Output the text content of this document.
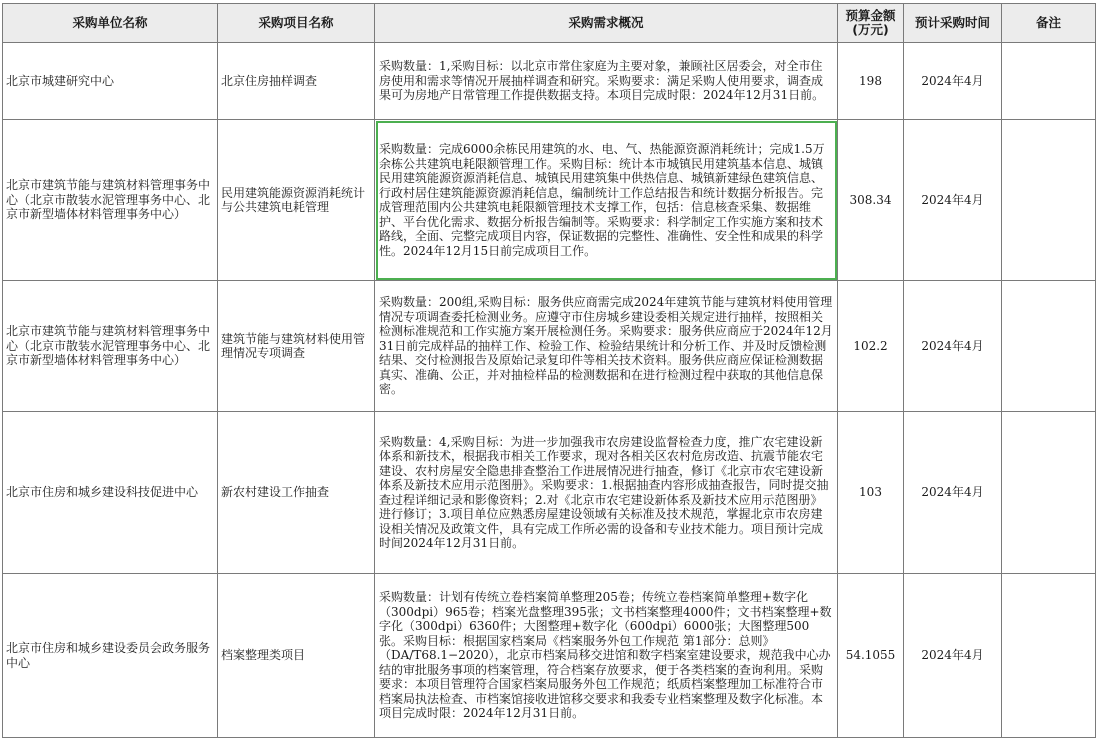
采购单位名称	采购项目名称	采购需求概况	预算金额(万元)	预计采购时间	备注
北京市城建研究中心	北京住房抽样调查	采购数量：1,采购目标：以北京市常住家庭为主要对象，兼顾社区居委会，对全市住房使用和需求等情况开展抽样调查和研究。采购要求：满足采购人使用要求，调查成果可为房地产日常管理工作提供数据支持。本项目完成时限：2024年12月31日前。	198	2024年4月	
北京市建筑节能与建筑材料管理事务中心（北京市散装水泥管理事务中心、北京市新型墙体材料管理事务中心）	民用建筑能源资源消耗统计与公共建筑电耗管理	采购数量：完成6000余栋民用建筑的水、电、气、热能源资源消耗统计；完成1.5万余栋公共建筑电耗限额管理工作。采购目标：统计本市城镇民用建筑基本信息、城镇民用建筑能源资源消耗信息、城镇民用建筑集中供热信息、城镇新建绿色建筑信息、行政村居住建筑能源资源消耗信息，编制统计工作总结报告和统计数据分析报告。完成管理范围内公共建筑电耗限额管理技术支撑工作，包括：信息核查采集、数据维护、平台优化需求、数据分析报告编制等。采购要求：科学制定工作实施方案和技术路线，全面、完整完成项目内容，保证数据的完整性、准确性、安全性和成果的科学性。2024年12月15日前完成项目工作。	308.34	2024年4月	
北京市建筑节能与建筑材料管理事务中心（北京市散装水泥管理事务中心、北京市新型墙体材料管理事务中心）	建筑节能与建筑材料使用管理情况专项调查	采购数量：200组,采购目标：服务供应商需完成2024年建筑节能与建筑材料使用管理情况专项调查委托检测业务。应遵守市住房城乡建设委相关规定进行抽样，按照相关检测标准规范和工作实施方案开展检测任务。采购要求：服务供应商应于2024年12月31日前完成样品的抽样工作、检验工作、检验结果统计和分析工作、并及时反馈检测结果、交付检测报告及原始记录复印件等相关技术资料。服务供应商应保证检测数据真实、准确、公正，并对抽检样品的检测数据和在进行检测过程中获取的其他信息保密。	102.2	2024年4月	
北京市住房和城乡建设科技促进中心	新农村建设工作抽查	采购数量：4,采购目标：为进一步加强我市农房建设监督检查力度，推广农宅建设新体系和新技术，根据我市相关工作要求，现对各相关区农村危房改造、抗震节能农宅建设、农村房屋安全隐患排查整治工作进展情况进行抽查，修订《北京市农宅建设新体系及新技术应用示范图册》。采购要求：1.根据抽查内容形成抽查报告，同时提交抽查过程详细记录和影像资料；2.对《北京市农宅建设新体系及新技术应用示范图册》进行修订；3.项目单位应熟悉房屋建设领域有关标准及技术规范，掌握北京市农房建设相关情况及政策文件，具有完成工作所必需的设备和专业技术能力。项目预计完成时间2024年12月31日前。	103	2024年4月	
北京市住房和城乡建设委员会政务服务中心	档案整理类项目	采购数量：计划有传统立卷档案简单整理205卷；传统立卷档案简单整理+数字化（300dpi）965卷；档案光盘整理395张；文书档案整理4000件；文书档案整理+数字化（300dpi）6360件；大图整理+数字化（600dpi）6000张；大图整理500张。采购目标：根据国家档案局《档案服务外包工作规范 第1部分：总则》（DA/T68.1−2020），北京市档案局移交进馆和数字档案室建设要求，规范我中心办结的审批服务事项的档案管理，符合档案存放要求，便于各类档案的查询利用。采购要求：本项目管理符合国家档案局服务外包工作规范；纸质档案整理加工标准符合市档案局执法检查、市档案馆接收进馆移交要求和我委专业档案整理及数字化标准。本项目完成时限：2024年12月31日前。	54.1055	2024年4月	
